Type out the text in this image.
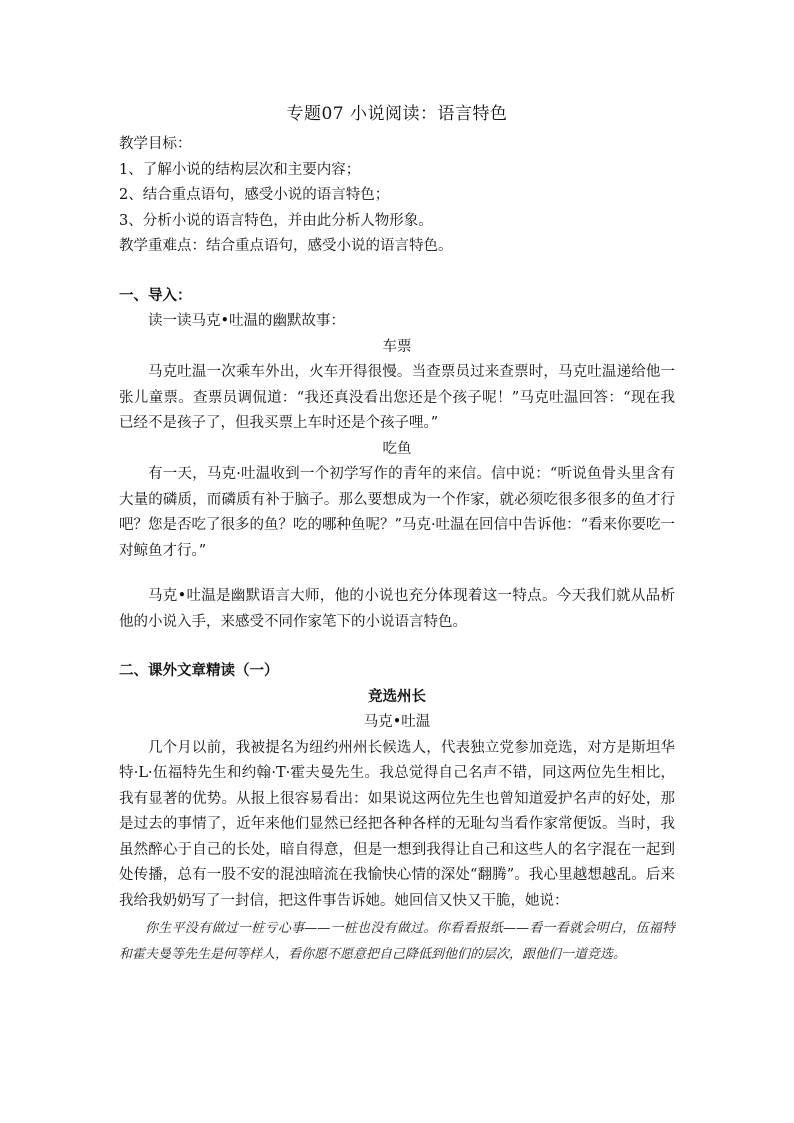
专题07 小说阅读：语言特色
教学目标：
1、了解小说的结构层次和主要内容；
2、结合重点语句，感受小说的语言特色；
3、分析小说的语言特色，并由此分析人物形象。
教学重难点：结合重点语句，感受小说的语言特色。
一、导入：
读一读马克•吐温的幽默故事：
车票
马克吐温一次乘车外出，火车开得很慢。当查票员过来查票时，马克吐温递给他一张儿童票。查票员调侃道：“我还真没看出您还是个孩子呢！”马克吐温回答：“现在我已经不是孩子了，但我买票上车时还是个孩子哩。”
吃鱼
有一天，马克·吐温收到一个初学写作的青年的来信。信中说：“听说鱼骨头里含有大量的磷质，而磷质有补于脑子。那么要想成为一个作家，就必须吃很多很多的鱼才行吧？您是否吃了很多的鱼？吃的哪种鱼呢？”马克·吐温在回信中告诉他：“看来你要吃一对鲸鱼才行。”
马克•吐温是幽默语言大师，他的小说也充分体现着这一特点。今天我们就从品析他的小说入手，来感受不同作家笔下的小说语言特色。
二、课外文章精读（一）
竞选州长
马克•吐温
几个月以前，我被提名为纽约州州长候选人，代表独立党参加竞选，对方是斯坦华特·L·伍福特先生和约翰·T·霍夫曼先生。我总觉得自己名声不错，同这两位先生相比，我有显著的优势。从报上很容易看出：如果说这两位先生也曾知道爱护名声的好处，那是过去的事情了，近年来他们显然已经把各种各样的无耻勾当看作家常便饭。当时，我虽然醉心于自己的长处，暗自得意，但是一想到我得让自己和这些人的名字混在一起到处传播，总有一股不安的混浊暗流在我愉快心情的深处“翻腾”。我心里越想越乱。后来我给我奶奶写了一封信，把这件事告诉她。她回信又快又干脆，她说：
你生平没有做过一桩亏心事——一桩也没有做过。你看看报纸——看一看就会明白，伍福特和霍夫曼等先生是何等样人，看你愿不愿意把自己降低到他们的层次，跟他们一道竞选。
